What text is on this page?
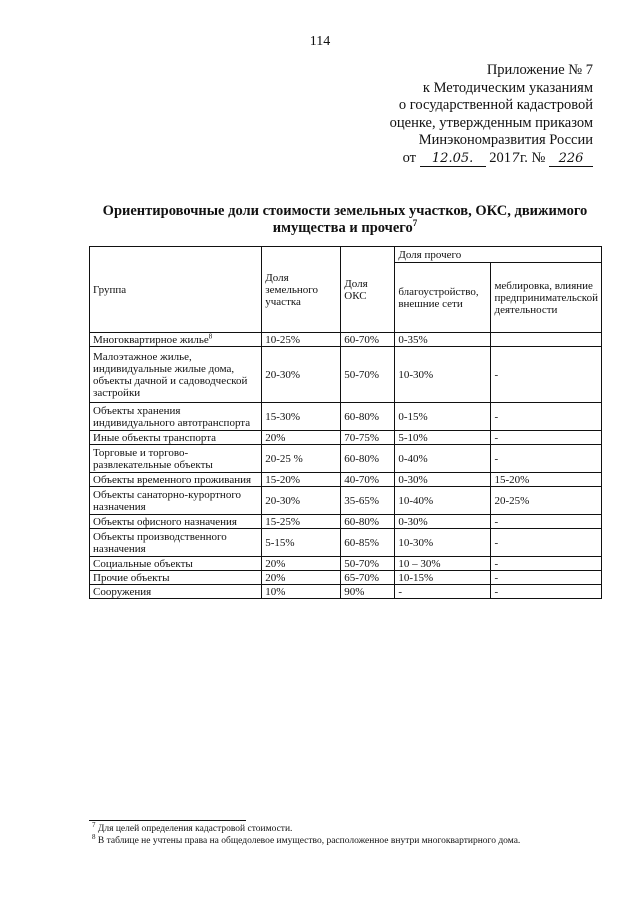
114
Приложение № 7
к Методическим указаниям
о государственной кадастровой
оценке, утвержденным приказом
Минэкономразвития России
от 12.05. 2017г. № 226
Ориентировочные доли стоимости земельных участков, ОКС, движимого
имущества и прочего$^7$
Группа	Доля земельного участка	Доля ОКС	Доля прочего	
			благоустройство, внешние сети	меблировка, влияние предпринимательской деятельности
Многоквартирное жилье$^8$	10-25%	60-70%	0-35%	
Малоэтажное жилье, индивидуальные жилые дома, объекты дачной и садоводческой застройки	20-30%	50-70%	10-30%	-
Объекты хранения индивидуального автотранспорта	15-30%	60-80%	0-15%	-
Иные объекты транспорта	20%	70-75%	5-10%	-
Торговые и торгово-развлекательные объекты	20-25 %	60-80%	0-40%	-
Объекты временного проживания	15-20%	40-70%	0-30%	15-20%
Объекты санаторно-курортного назначения	20-30%	35-65%	10-40%	20-25%
Объекты офисного назначения	15-25%	60-80%	0-30%	-
Объекты производственного назначения	5-15%	60-85%	10-30%	-
Социальные объекты	20%	50-70%	10 – 30%	-
Прочие объекты	20%	65-70%	10-15%	-
Сооружения	10%	90%	-	-
$^7$ Для целей определения кадастровой стоимости.
$^8$ В таблице не учтены права на общедолевое имущество, расположенное внутри многоквартирного дома.
